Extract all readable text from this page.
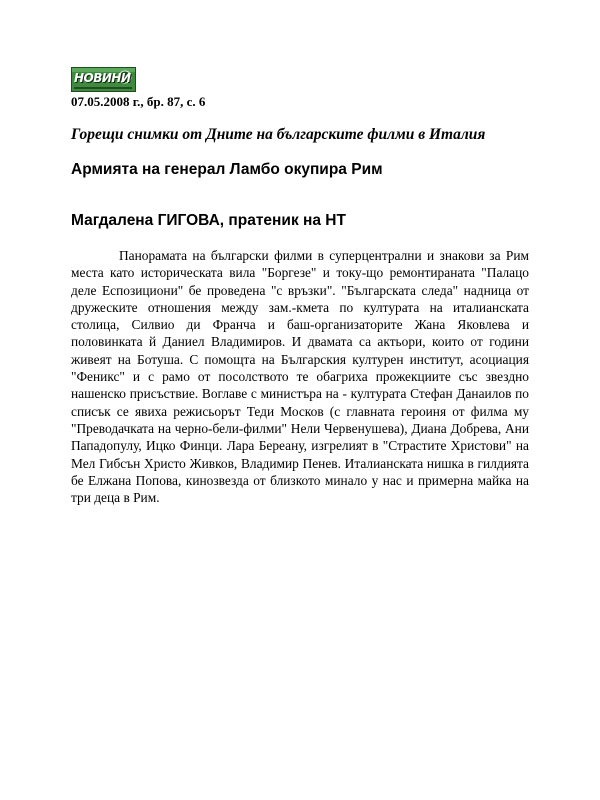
НОВИНИ
07.05.2008 г., бр. 87, с. 6
Горещи снимки от Дните на българските филми в Италия
Армията на генерал Ламбо окупира Рим
Магдалена ГИГОВА, пратеник на НТ

Панорамата на български филми в суперцентрални и знакови за Рим места като историческата вила "Боргезе" и току-що ремонтираната "Палацо деле Еспозициони" бе проведена "с връзки". "Българската следа" надница от дружеските отношения между зам.-кмета по културата на италианската столица, Силвио ди Франча и баш-организаторите Жана Яковлева и половинката й Даниел Владимиров. И двамата са актьори, които от години живеят на Ботуша. С помощта на Българския културен институт, асоциация "Феникс" и с рамо от посолството те обагриха прожекциите със звездно нашенско присъствие. Воглаве с министъра на - културата Стефан Данаилов по списък се явиха режисьорът Теди Москов (с главната героиня от филма му "Преводачката на черно-бели-филми" Нели Червенушева), Диана Добрева, Ани Пападопулу, Ицко Финци. Лара Береану, изгрелият в "Страстите Христови" на Мел Гибсън Христо Живков, Владимир Пенев. Италианската нишка в гилдията бе Елжана Попова, кинозвезда от близкото минало у нас и примерна майка на три деца в Рим.
